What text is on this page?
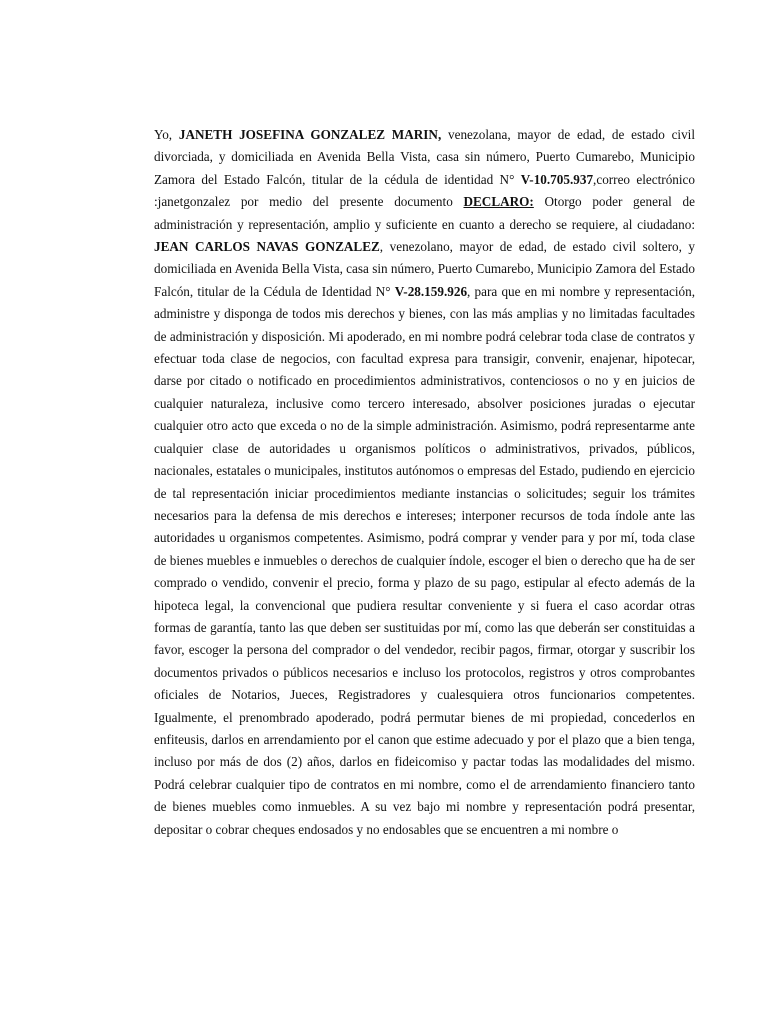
Yo, JANETH JOSEFINA GONZALEZ MARIN, venezolana, mayor de edad, de estado civil divorciada, y domiciliada en Avenida Bella Vista, casa sin número, Puerto Cumarebo, Municipio Zamora del Estado Falcón, titular de la cédula de identidad N° V-10.705.937,correo electrónico :janetgonzalez por medio del presente documento DECLARO: Otorgo poder general de administración y representación, amplio y suficiente en cuanto a derecho se requiere, al ciudadano: JEAN CARLOS NAVAS GONZALEZ, venezolano, mayor de edad, de estado civil soltero, y domiciliada en Avenida Bella Vista, casa sin número, Puerto Cumarebo, Municipio Zamora del Estado Falcón, titular de la Cédula de Identidad N° V-28.159.926, para que en mi nombre y representación, administre y disponga de todos mis derechos y bienes, con las más amplias y no limitadas facultades de administración y disposición. Mi apoderado, en mi nombre podrá celebrar toda clase de contratos y efectuar toda clase de negocios, con facultad expresa para transigir, convenir, enajenar, hipotecar, darse por citado o notificado en procedimientos administrativos, contenciosos o no y en juicios de cualquier naturaleza, inclusive como tercero interesado, absolver posiciones juradas o ejecutar cualquier otro acto que exceda o no de la simple administración. Asimismo, podrá representarme ante cualquier clase de autoridades u organismos políticos o administrativos, privados, públicos, nacionales, estatales o municipales, institutos autónomos o empresas del Estado, pudiendo en ejercicio de tal representación iniciar procedimientos mediante instancias o solicitudes; seguir los trámites necesarios para la defensa de mis derechos e intereses; interponer recursos de toda índole ante las autoridades u organismos competentes. Asimismo, podrá comprar y vender para y por mí, toda clase de bienes muebles e inmuebles o derechos de cualquier índole, escoger el bien o derecho que ha de ser comprado o vendido, convenir el precio, forma y plazo de su pago, estipular al efecto además de la hipoteca legal, la convencional que pudiera resultar conveniente y si fuera el caso acordar otras formas de garantía, tanto las que deben ser sustituidas por mí, como las que deberán ser constituidas a favor, escoger la persona del comprador o del vendedor, recibir pagos, firmar, otorgar y suscribir los documentos privados o públicos necesarios e incluso los protocolos, registros y otros comprobantes oficiales de Notarios, Jueces, Registradores y cualesquiera otros funcionarios competentes. Igualmente, el prenombrado apoderado, podrá permutar bienes de mi propiedad, concederlos en enfiteusis, darlos en arrendamiento por el canon que estime adecuado y por el plazo que a bien tenga, incluso por más de dos (2) años, darlos en fideicomiso y pactar todas las modalidades del mismo. Podrá celebrar cualquier tipo de contratos en mi nombre, como el de arrendamiento financiero tanto de bienes muebles como inmuebles. A su vez bajo mi nombre y representación podrá presentar, depositar o cobrar cheques endosados y no endosables que se encuentren a mi nombre o
